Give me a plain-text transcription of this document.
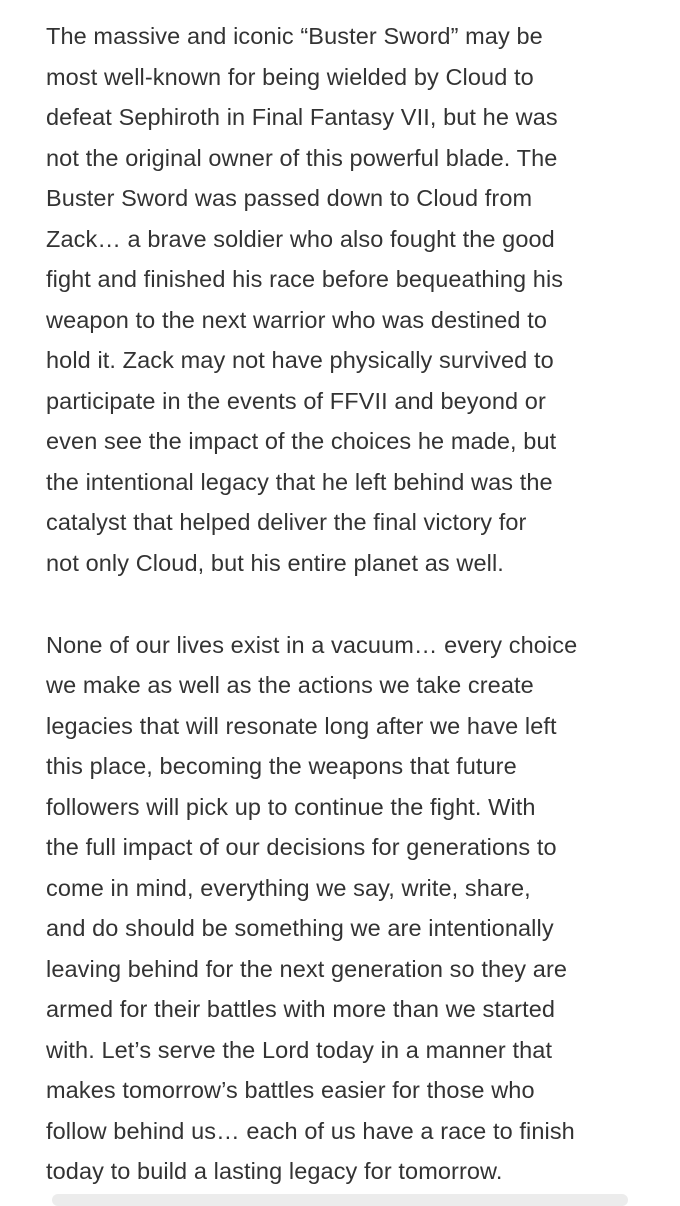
The massive and iconic “Buster Sword” may be
most well-known for being wielded by Cloud to
defeat Sephiroth in Final Fantasy VII, but he was
not the original owner of this powerful blade. The
Buster Sword was passed down to Cloud from
Zack… a brave soldier who also fought the good
fight and finished his race before bequeathing his
weapon to the next warrior who was destined to
hold it. Zack may not have physically survived to
participate in the events of FFVII and beyond or
even see the impact of the choices he made, but
the intentional legacy that he left behind was the
catalyst that helped deliver the final victory for
not only Cloud, but his entire planet as well.
None of our lives exist in a vacuum… every choice
we make as well as the actions we take create
legacies that will resonate long after we have left
this place, becoming the weapons that future
followers will pick up to continue the fight. With
the full impact of our decisions for generations to
come in mind, everything we say, write, share,
and do should be something we are intentionally
leaving behind for the next generation so they are
armed for their battles with more than we started
with. Let’s serve the Lord today in a manner that
makes tomorrow’s battles easier for those who
follow behind us… each of us have a race to finish
today to build a lasting legacy for tomorrow.
